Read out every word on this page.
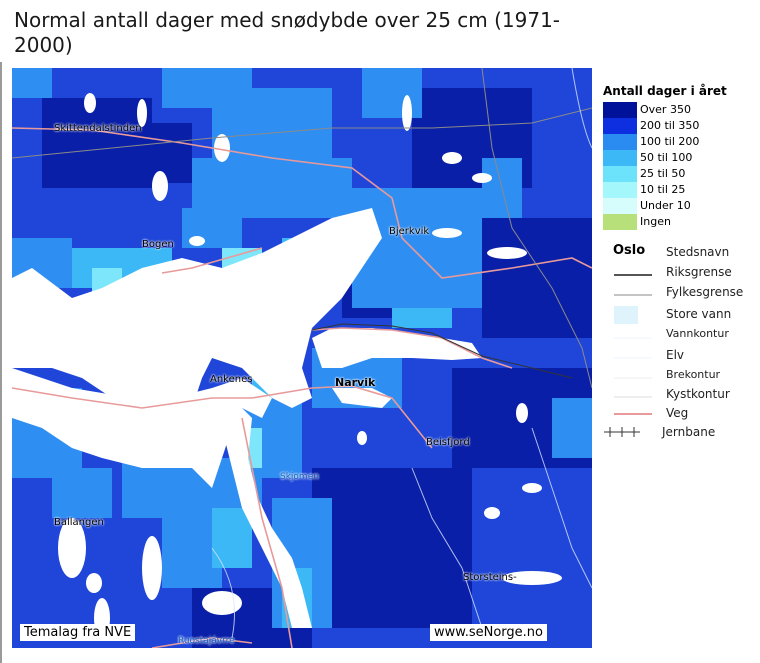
Normal antall dager med snødybde over 25 cm (1971-2000)
Skittendalstinden
Bogen
Bjerkvik
Ankenes	Narvik
Beisfjord
Skjomen
Ballangen
Storsteins-
Ruostajávrre
Temalag fra NVE	www.seNorge.no
Antall dager i året
Over 350
200 til 350
100 til 200
50 til 100
25 til 50
10 til 25
Under 10
Ingen
Oslo	Stedsnavn
Riksgrense
Fylkesgrense
Store vann
Vannkontur
Elv
Brekontur
Kystkontur
Veg
Jernbane
